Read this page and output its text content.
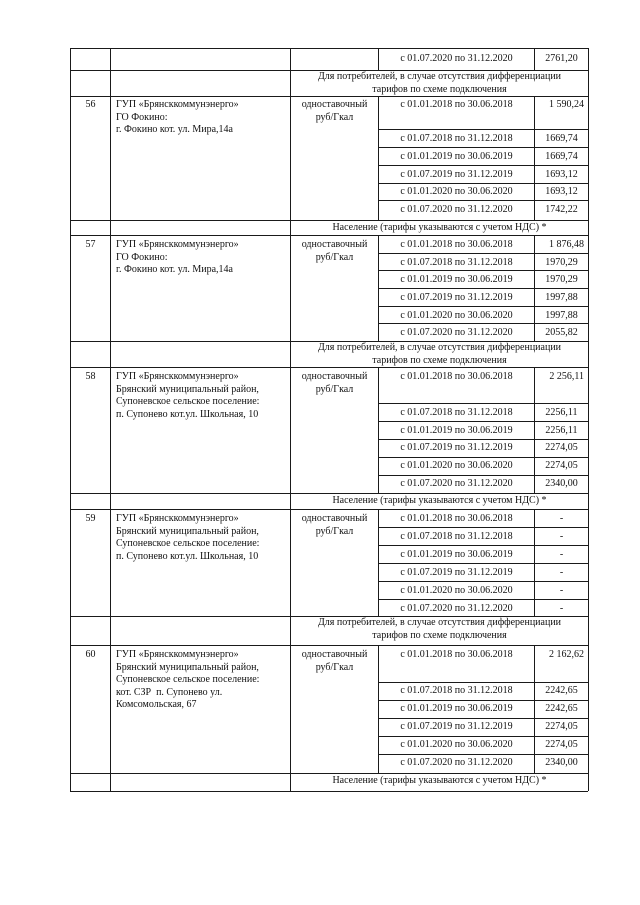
с 01.07.2020 по 31.12.2020	2761,20
Для потребителей, в случае отсутствия дифференциации
тарифов по схеме подключения
56	ГУП «Брянсккоммунэнерго»
ГО Фокино:
г. Фокино кот. ул. Мира,14а
одноставочный
руб/Гкал
с 01.01.2018 по 30.06.2018	1 590,24
с 01.07.2018 по 31.12.2018	1669,74
с 01.01.2019 по 30.06.2019	1669,74
с 01.07.2019 по 31.12.2019	1693,12
с 01.01.2020 по 30.06.2020	1693,12
с 01.07.2020 по 31.12.2020	1742,22
Население (тарифы указываются с учетом НДС) *
57	ГУП «Брянсккоммунэнерго»
ГО Фокино:
г. Фокино кот. ул. Мира,14а
одноставочный
руб/Гкал
с 01.01.2018 по 30.06.2018	1 876,48
с 01.07.2018 по 31.12.2018	1970,29
с 01.01.2019 по 30.06.2019	1970,29
с 01.07.2019 по 31.12.2019	1997,88
с 01.01.2020 по 30.06.2020	1997,88
с 01.07.2020 по 31.12.2020	2055,82
Для потребителей, в случае отсутствия дифференциации
тарифов по схеме подключения
58	ГУП «Брянсккоммунэнерго»
Брянский муниципальный район,
Супоневское сельское поселение:
п. Супонево кот.ул. Школьная, 10
одноставочный
руб/Гкал
с 01.01.2018 по 30.06.2018	2 256,11
с 01.07.2018 по 31.12.2018	2256,11
с 01.01.2019 по 30.06.2019	2256,11
с 01.07.2019 по 31.12.2019	2274,05
с 01.01.2020 по 30.06.2020	2274,05
с 01.07.2020 по 31.12.2020	2340,00
Население (тарифы указываются с учетом НДС) *
59	ГУП «Брянсккоммунэнерго»
Брянский муниципальный район,
Супоневское сельское поселение:
п. Супонево кот.ул. Школьная, 10
одноставочный
руб/Гкал
с 01.01.2018 по 30.06.2018	-
с 01.07.2018 по 31.12.2018	-
с 01.01.2019 по 30.06.2019	-
с 01.07.2019 по 31.12.2019	-
с 01.01.2020 по 30.06.2020	-
с 01.07.2020 по 31.12.2020	-
Для потребителей, в случае отсутствия дифференциации
тарифов по схеме подключения
60	ГУП «Брянсккоммунэнерго»
Брянский муниципальный район,
Супоневское сельское поселение:
кот. СЗР  п. Супонево ул.
Комсомольская, 67
одноставочный
руб/Гкал
с 01.01.2018 по 30.06.2018	2 162,62
с 01.07.2018 по 31.12.2018	2242,65
с 01.01.2019 по 30.06.2019	2242,65
с 01.07.2019 по 31.12.2019	2274,05
с 01.01.2020 по 30.06.2020	2274,05
с 01.07.2020 по 31.12.2020	2340,00
Население (тарифы указываются с учетом НДС) *
